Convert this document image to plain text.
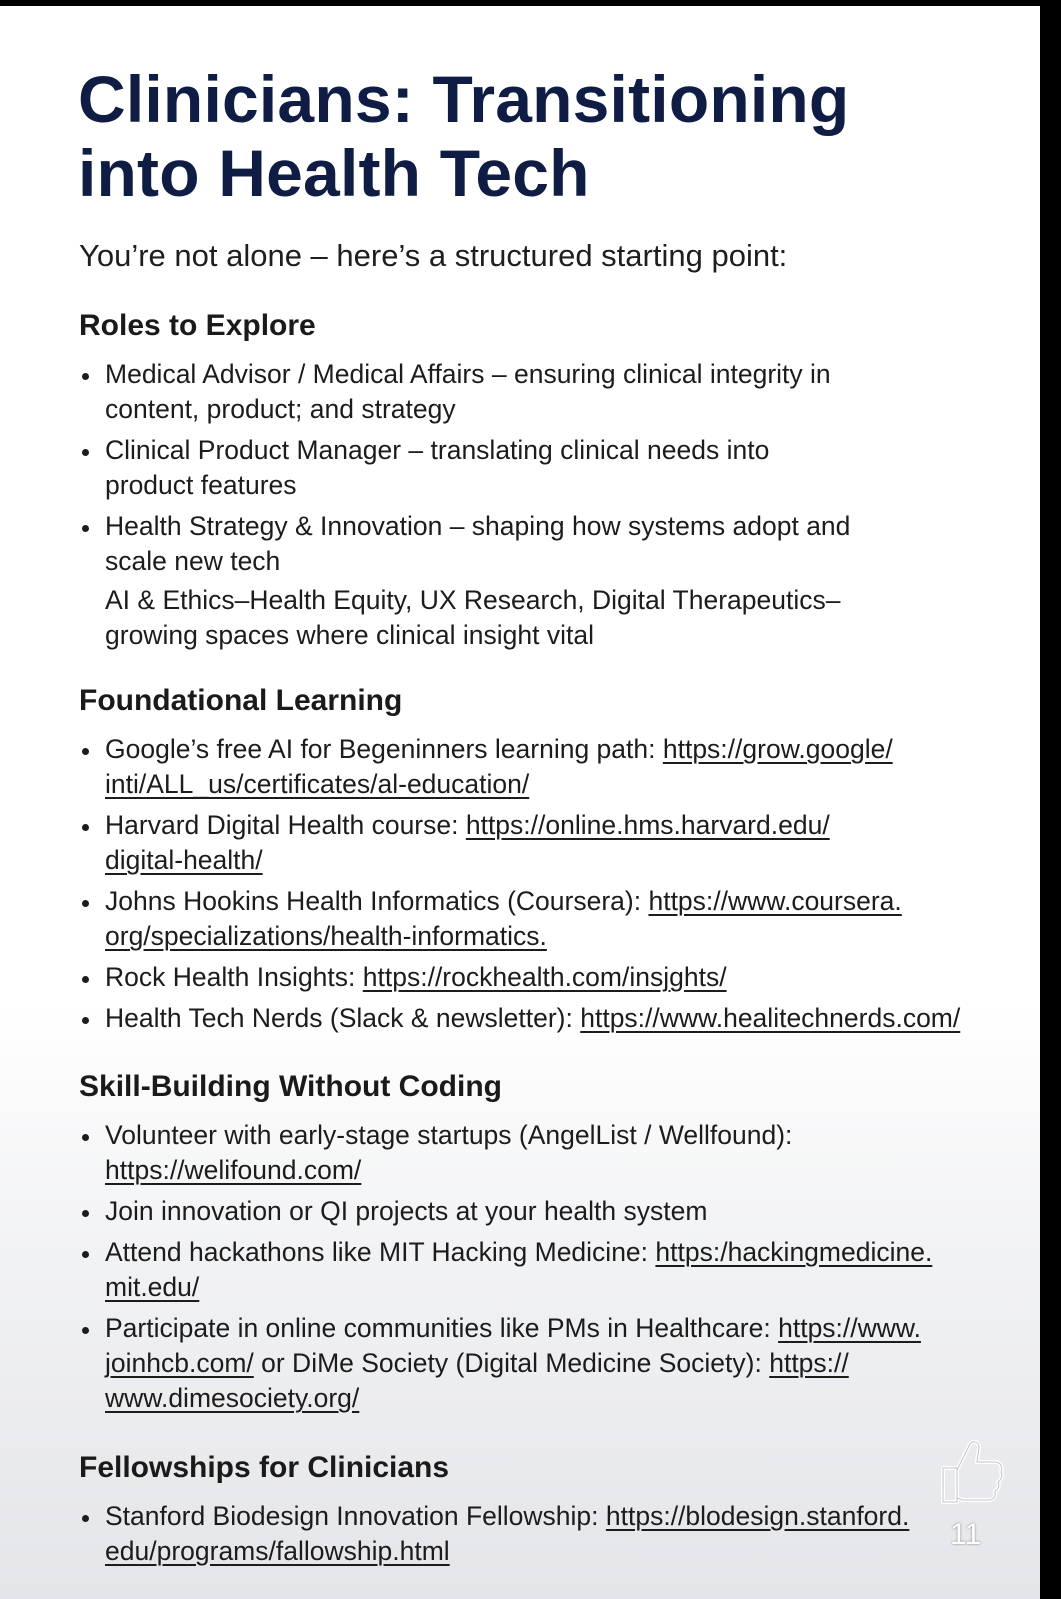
Clinicians: Transitioning
into Health Tech

You’re not alone – here’s a structured starting point:

Roles to Explore
Medical Advisor / Medical Affairs – ensuring clinical integrity in
content, product; and strategy
Clinical Product Manager – translating clinical needs into
product features
Health Strategy & Innovation – shaping how systems adopt and
scale new tech
AI & Ethics–Health Equity, UX Research, Digital Therapeutics–
growing spaces where clinical insight vital
Foundational Learning
Google’s free AI for Begeninners learning path: https://grow.google/
inti/ALL_us/certificates/al-education/
Harvard Digital Health course: https://online.hms.harvard.edu/
digital-health/
Johns Hookins Health Informatics (Coursera): https://www.coursera.
org/specializations/health-informatics.
Rock Health Insights: https://rockhealth.com/insjghts/
Health Tech Nerds (Slack & newsletter): https://www.healitechnerds.com/
Skill-Building Without Coding
Volunteer with early-stage startups (AngelList / Wellfound):
https://welifound.com/
Join innovation or QI projects at your health system
Attend hackathons like MIT Hacking Medicine: https:/hackingmedicine.
mit.edu/
Participate in online communities like PMs in Healthcare: https://www.
joinhcb.com/ or DiMe Society (Digital Medicine Society): https://
www.dimesociety.org/
Fellowships for Clinicians
Stanford Biodesign Innovation Fellowship: https://blodesign.stanford.
edu/programs/fallowship.html	11
